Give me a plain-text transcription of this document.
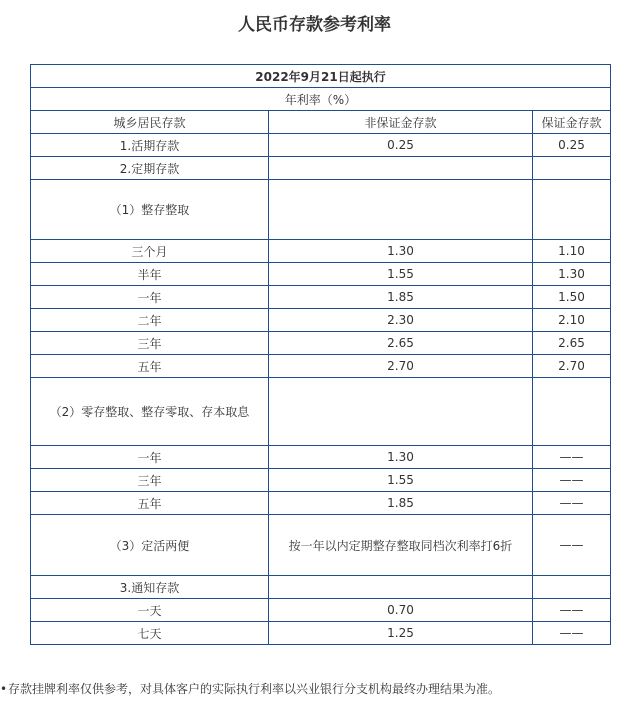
人民币存款参考利率
2022年9月21日起执行		
年利率（%）		
城乡居民存款	非保证金存款	保证金存款
1.活期存款	0.25	0.25
2.定期存款		
（1）整存整取		
三个月	1.30	1.10
半年	1.55	1.30
一年	1.85	1.50
二年	2.30	2.10
三年	2.65	2.65
五年	2.70	2.70
（2）零存整取、整存零取、存本取息		
一年	1.30	——
三年	1.55	——
五年	1.85	——
（3）定活两便	按一年以内定期整存整取同档次利率打6折	——
3.通知存款		
一天	0.70	——
七天	1.25	——
•存款挂牌利率仅供参考，对具体客户的实际执行利率以兴业银行分支机构最终办理结果为准。
